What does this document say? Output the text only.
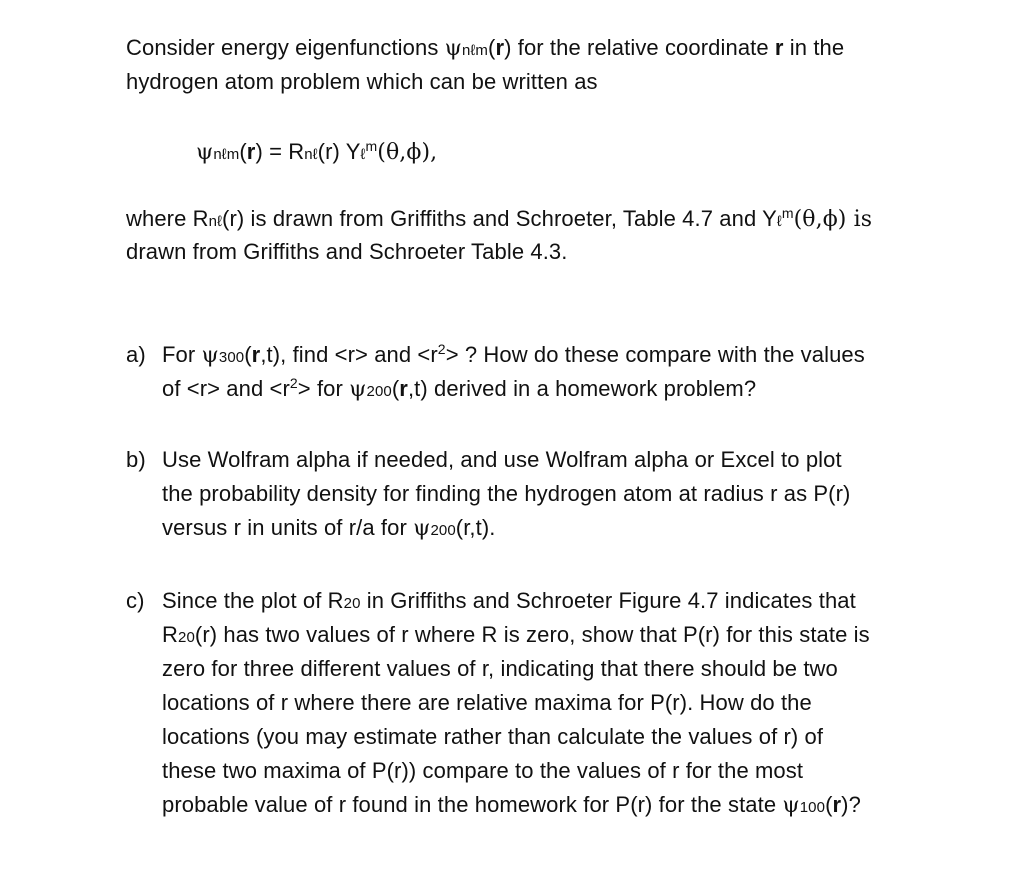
Consider energy eigenfunctions ψnℓm(r) for the relative coordinate r in the
hydrogen atom problem which can be written as
ψnℓm(r) = Rnℓ(r) Yℓ$^m$(θ,ϕ),
where Rnℓ(r) is drawn from Griffiths and Schroeter, Table 4.7 and Yℓ$^m$(θ,ϕ) is
drawn from Griffiths and Schroeter Table 4.3.
a) For ψ300(r,t), find <r> and $<r^2>$ ? How do these compare with the values
of <r> and $<r^2>$ for ψ200(r,t) derived in a homework problem?
b) Use Wolfram alpha if needed, and use Wolfram alpha or Excel to plot
the probability density for finding the hydrogen atom at radius r as P(r)
versus r in units of r/a for ψ200(r,t).
c) Since the plot of R20 in Griffiths and Schroeter Figure 4.7 indicates that
R20(r) has two values of r where R is zero, show that P(r) for this state is
zero for three different values of r, indicating that there should be two
locations of r where there are relative maxima for P(r). How do the
locations (you may estimate rather than calculate the values of r) of
these two maxima of P(r)) compare to the values of r for the most
probable value of r found in the homework for P(r) for the state ψ100(r)?
